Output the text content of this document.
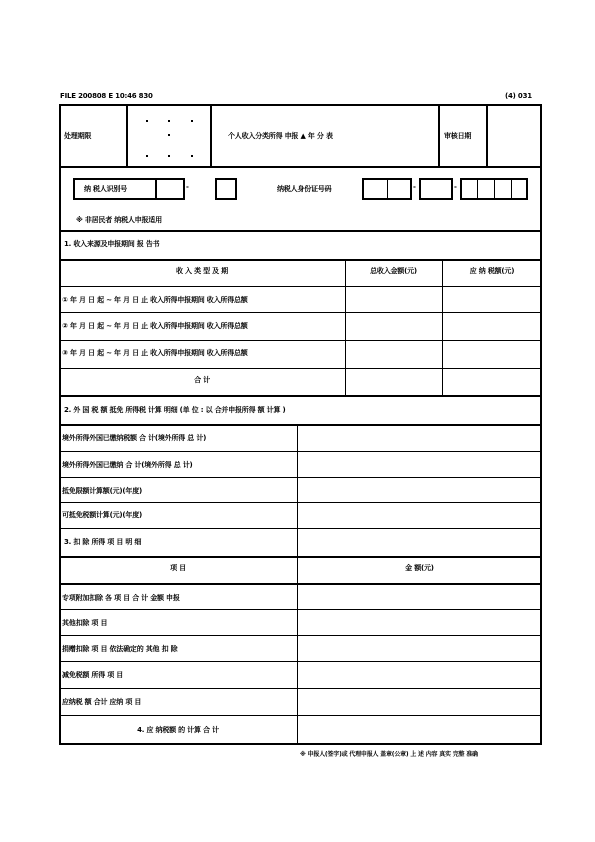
FILE 200808 E 10:46 830	(4) 031
处理期限	个人收入分类所得 申报 ▲ 年 分 表	审核日期
纳 税人识别号	-	纳税人身份证号码	-	-
※ 非居民者 纳税人申报适用
1. 收入来源及申报期间 报 告书
收 入 类 型 及 期	总收入金额(元)	应 纳 税额(元)
① 年 月 日 起 ~ 年 月 日 止 收入所得申报期间 收入所得总额
② 年 月 日 起 ~ 年 月 日 止 收入所得申报期间 收入所得总额
③ 年 月 日 起 ~ 年 月 日 止 收入所得申报期间 收入所得总额
合 计
2. 外 国 税 额 抵免 所得税 计算 明细 (单 位 : 以 合并申报所得 额 计算 )
境外所得外国已缴纳税额 合 计(境外所得 总 计)
境外所得外国已缴纳 合 计(境外所得 总 计)
抵免限额计算额(元)(年度)
可抵免税额计算(元)(年度)
3. 扣 除 所得 项 目 明 细
项 目	金 额(元)
专项附加扣除 各 项 目 合 计 金额 申报
其他扣除 项 目
捐赠扣除 项 目 依法确定的 其他 扣 除
减免税额 所得 项 目
应纳税 额 合计 应纳 项 目
4. 应 纳税额 的 计算 合 计
※ 申报人(签字)或 代理申报人 盖章(公章) 上 述 内容 真实 完整 准确
